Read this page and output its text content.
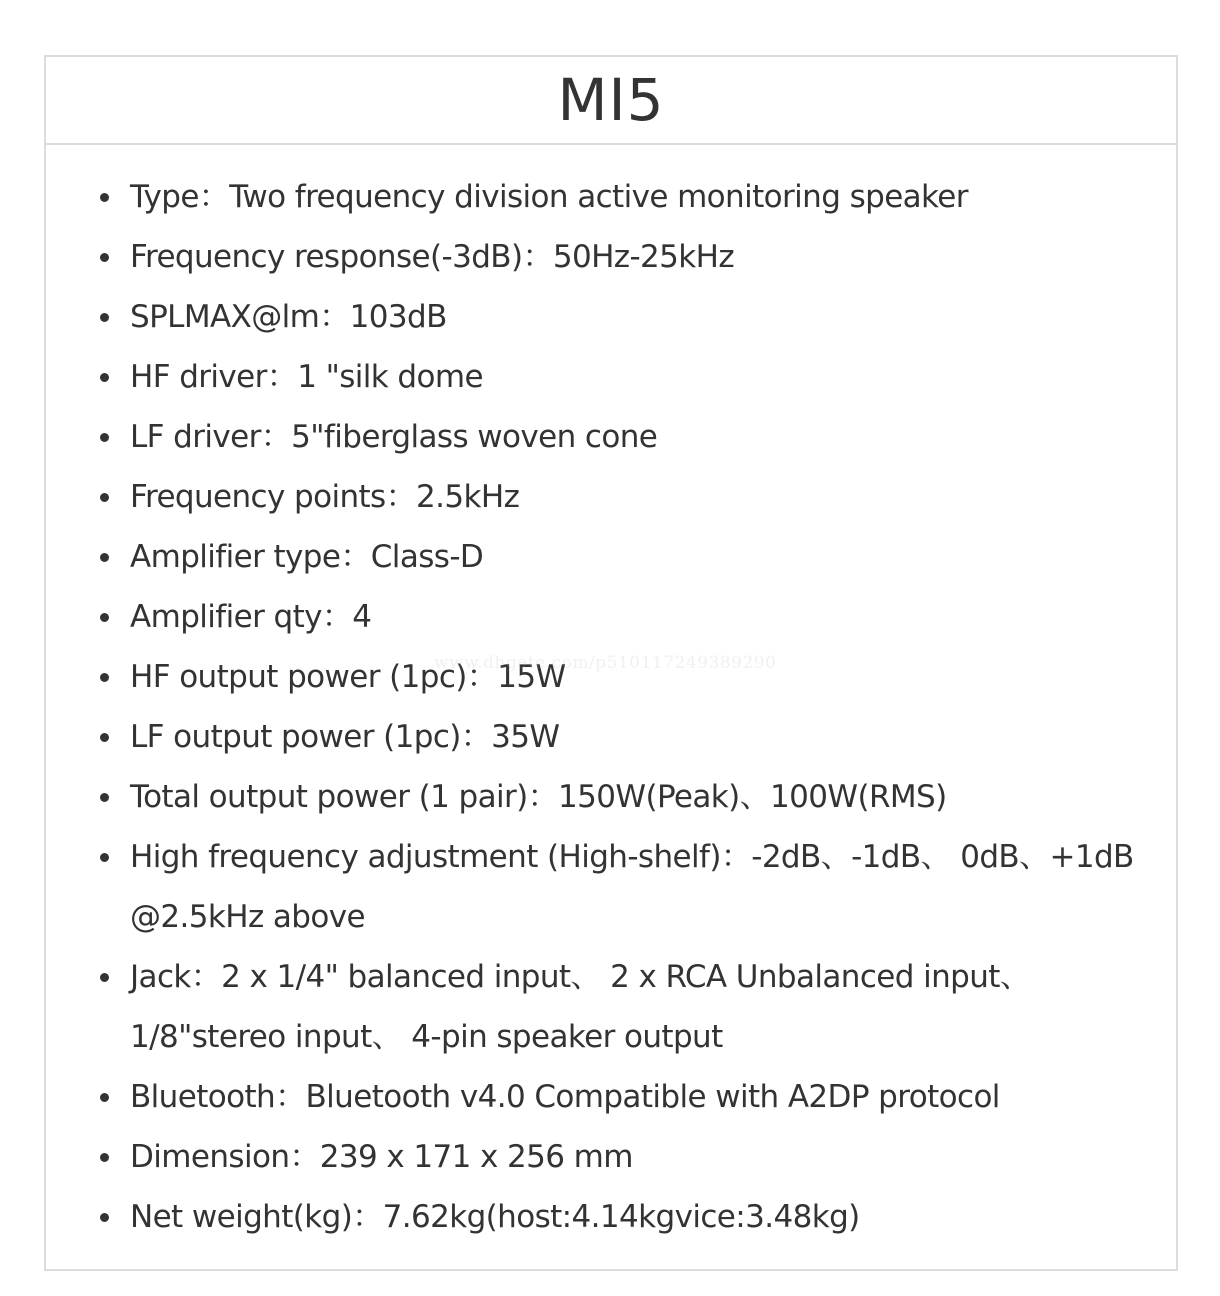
MI5
Type：Two frequency division active monitoring speaker
Frequency response(-3dB)：50Hz-25kHz
SPLMAX@lm：103dB
HF driver：1 "silk dome
LF driver：5"fiberglass woven cone
Frequency points：2.5kHz
Amplifier type：Class-D
Amplifier qty：4
HF output power (1pc)：15W
LF output power (1pc)：35W
Total output power (1 pair)：150W(Peak)、100W(RMS)
High frequency adjustment (High-shelf)：-2dB、-1dB、 0dB、+1dB @2.5kHz above
Jack：2 x 1/4" balanced input、 2 x RCA Unbalanced input、 1/8"stereo input、 4-pin speaker output
Bluetooth：Bluetooth v4.0 Compatible with A2DP protocol
Dimension：239 x 171 x 256 mm
Net weight(kg)：7.62kg(host:4.14kgvice:3.48kg)
